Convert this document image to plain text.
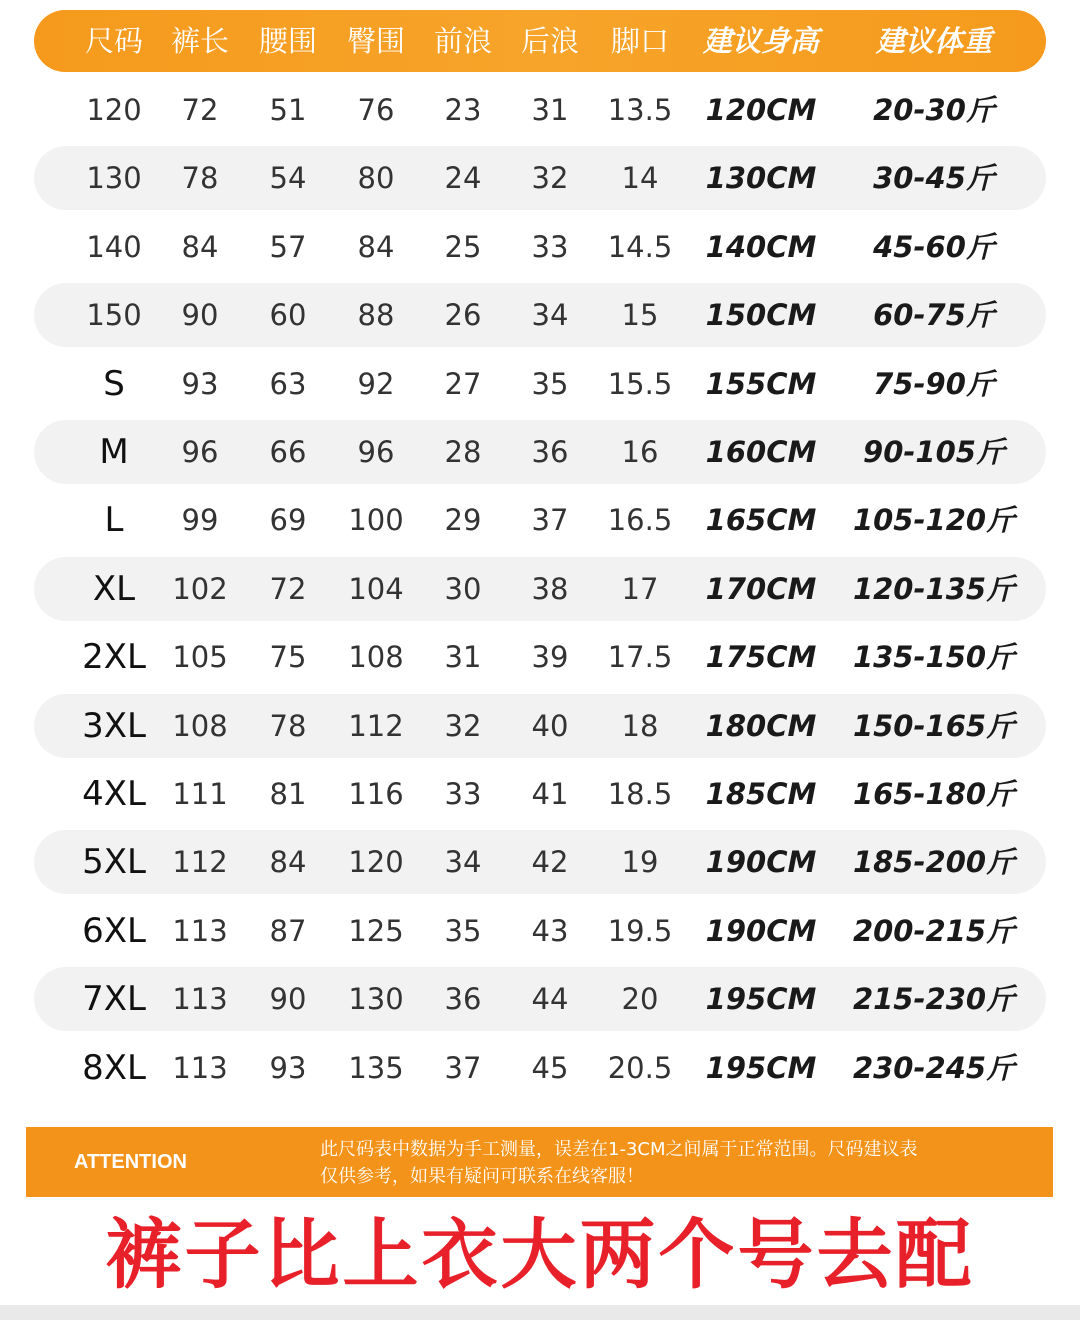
尺码 裤长 腰围 臀围 前浪 后浪 脚口 建议身高 建议体重
120 72 51 76 23 31 13.5 120CM 20-30斤
130 78 54 80 24 32 14 130CM 30-45斤
140 84 57 84 25 33 14.5 140CM 45-60斤
150 90 60 88 26 34 15 150CM 60-75斤
S 93 63 92 27 35 15.5 155CM 75-90斤
M 96 66 96 28 36 16 160CM 90-105斤
L 99 69 100 29 37 16.5 165CM 105-120斤
XL 102 72 104 30 38 17 170CM 120-135斤
2XL 105 75 108 31 39 17.5 175CM 135-150斤
3XL 108 78 112 32 40 18 180CM 150-165斤
4XL 111 81 116 33 41 18.5 185CM 165-180斤
5XL 112 84 120 34 42 19 190CM 185-200斤
6XL 113 87 125 35 43 19.5 190CM 200-215斤
7XL 113 90 130 36 44 20 195CM 215-230斤
8XL 113 93 135 37 45 20.5 195CM 230-245斤
ATTENTION
此尺码表中数据为手工测量，误差在1-3CM之间属于正常范围。尺码建议表
仅供参考，如果有疑问可联系在线客服！
裤子比上衣大两个号去配
